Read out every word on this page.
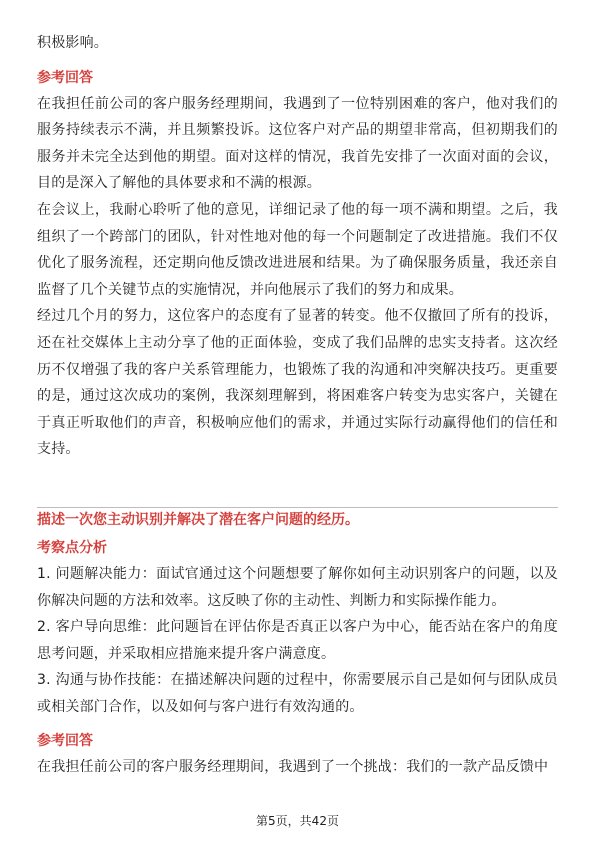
积极影响。

参考回答

在我担任前公司的客户服务经理期间，我遇到了一位特别困难的客户，他对我们的服务持续表示不满，并且频繁投诉。这位客户对产品的期望非常高，但初期我们的服务并未完全达到他的期望。面对这样的情况，我首先安排了一次面对面的会议，目的是深入了解他的具体要求和不满的根源。

在会议上，我耐心聆听了他的意见，详细记录了他的每一项不满和期望。之后，我组织了一个跨部门的团队，针对性地对他的每一个问题制定了改进措施。我们不仅优化了服务流程，还定期向他反馈改进进展和结果。为了确保服务质量，我还亲自监督了几个关键节点的实施情况，并向他展示了我们的努力和成果。

经过几个月的努力，这位客户的态度有了显著的转变。他不仅撤回了所有的投诉，还在社交媒体上主动分享了他的正面体验，变成了我们品牌的忠实支持者。这次经历不仅增强了我的客户关系管理能力，也锻炼了我的沟通和冲突解决技巧。更重要的是，通过这次成功的案例，我深刻理解到，将困难客户转变为忠实客户，关键在于真正听取他们的声音，积极响应他们的需求，并通过实际行动赢得他们的信任和支持。

描述一次您主动识别并解决了潜在客户问题的经历。

考察点分析

1. 问题解决能力：面试官通过这个问题想要了解你如何主动识别客户的问题，以及你解决问题的方法和效率。这反映了你的主动性、判断力和实际操作能力。

2. 客户导向思维：此问题旨在评估你是否真正以客户为中心，能否站在客户的角度思考问题，并采取相应措施来提升客户满意度。

3. 沟通与协作技能：在描述解决问题的过程中，你需要展示自己是如何与团队成员或相关部门合作，以及如何与客户进行有效沟通的。

参考回答

在我担任前公司的客户服务经理期间，我遇到了一个挑战：我们的一款产品反馈中

第5页，共42页
